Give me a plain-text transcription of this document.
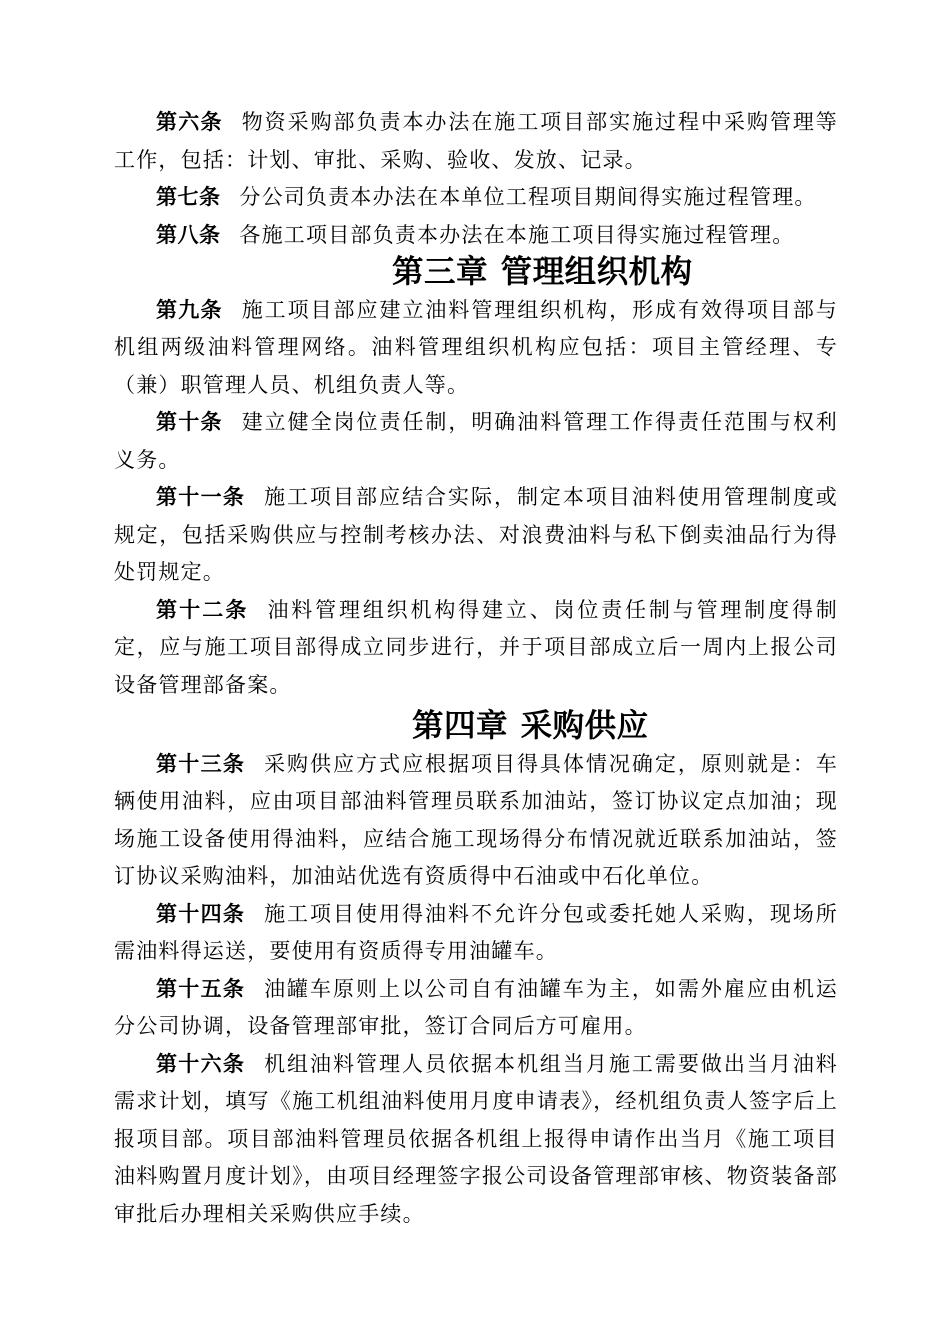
第六条 物资采购部负责本办法在施工项目部实施过程中采购管理等工作，包括：计划、审批、采购、验收、发放、记录。

第七条 分公司负责本办法在本单位工程项目期间得实施过程管理。

第八条 各施工项目部负责本办法在本施工项目得实施过程管理。

第三章 管理组织机构

第九条 施工项目部应建立油料管理组织机构，形成有效得项目部与机组两级油料管理网络。油料管理组织机构应包括：项目主管经理、专（兼）职管理人员、机组负责人等。

第十条 建立健全岗位责任制，明确油料管理工作得责任范围与权利义务。

第十一条 施工项目部应结合实际，制定本项目油料使用管理制度或规定，包括采购供应与控制考核办法、对浪费油料与私下倒卖油品行为得处罚规定。

第十二条 油料管理组织机构得建立、岗位责任制与管理制度得制定，应与施工项目部得成立同步进行，并于项目部成立后一周内上报公司设备管理部备案。

第四章 采购供应

第十三条 采购供应方式应根据项目得具体情况确定，原则就是：车辆使用油料，应由项目部油料管理员联系加油站，签订协议定点加油；现场施工设备使用得油料，应结合施工现场得分布情况就近联系加油站，签订协议采购油料，加油站优选有资质得中石油或中石化单位。

第十四条 施工项目使用得油料不允许分包或委托她人采购，现场所需油料得运送，要使用有资质得专用油罐车。

第十五条 油罐车原则上以公司自有油罐车为主，如需外雇应由机运分公司协调，设备管理部审批，签订合同后方可雇用。

第十六条 机组油料管理人员依据本机组当月施工需要做出当月油料需求计划，填写《施工机组油料使用月度申请表》，经机组负责人签字后上报项目部。项目部油料管理员依据各机组上报得申请作出当月《施工项目油料购置月度计划》，由项目经理签字报公司设备管理部审核、物资装备部审批后办理相关采购供应手续。
